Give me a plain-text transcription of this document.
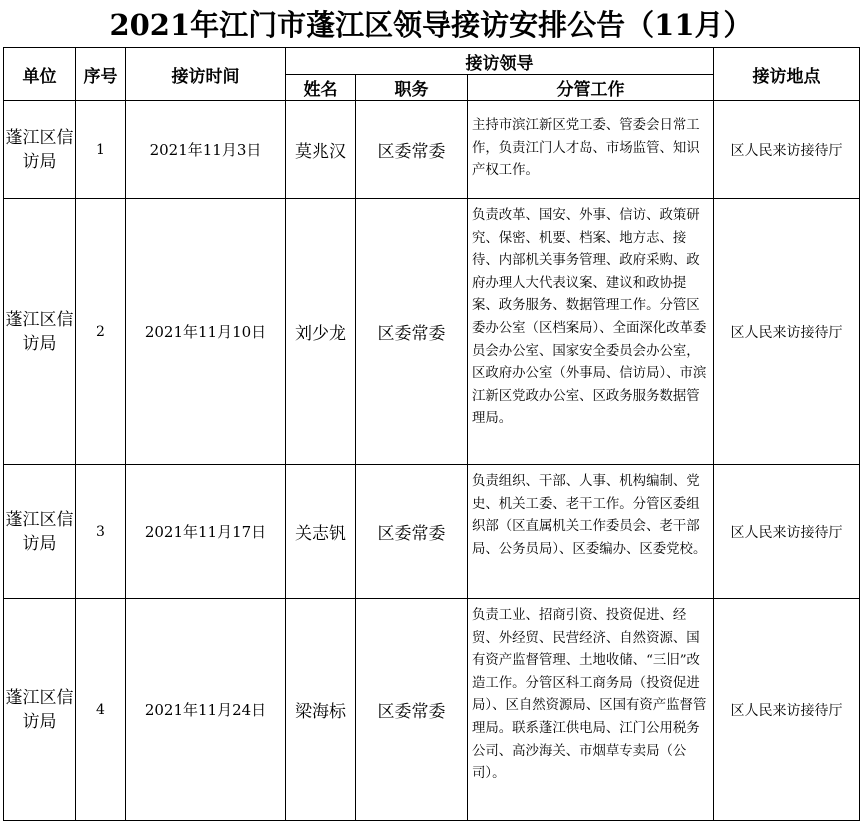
2021年江门市蓬江区领导接访安排公告（11月）
单位	序号	接访时间	接访领导			接访地点
			姓名	职务	分管工作	
蓬江区信访局	1	2021年11月3日	莫兆汉	区委常委	主持市滨江新区党工委、管委会日常工作，负责江门人才岛、市场监管、知识产权工作。	区人民来访接待厅
蓬江区信访局	2	2021年11月10日	刘少龙	区委常委	负责改革、国安、外事、信访、政策研究、保密、机要、档案、地方志、接待、内部机关事务管理、政府采购、政府办理人大代表议案、建议和政协提案、政务服务、数据管理工作。分管区委办公室（区档案局）、全面深化改革委员会办公室、国家安全委员会办公室，区政府办公室（外事局、信访局）、市滨江新区党政办公室、区政务服务数据管理局。	区人民来访接待厅
蓬江区信访局	3	2021年11月17日	关志钒	区委常委	负责组织、干部、人事、机构编制、党史、机关工委、老干工作。分管区委组织部（区直属机关工作委员会、老干部局、公务员局）、区委编办、区委党校。	区人民来访接待厅
蓬江区信访局	4	2021年11月24日	梁海标	区委常委	负责工业、招商引资、投资促进、经贸、外经贸、民营经济、自然资源、国有资产监督管理、土地收储、“三旧”改造工作。分管区科工商务局（投资促进局）、区自然资源局、区国有资产监督管理局。联系蓬江供电局、江门公用税务公司、高沙海关、市烟草专卖局（公司）。	区人民来访接待厅
